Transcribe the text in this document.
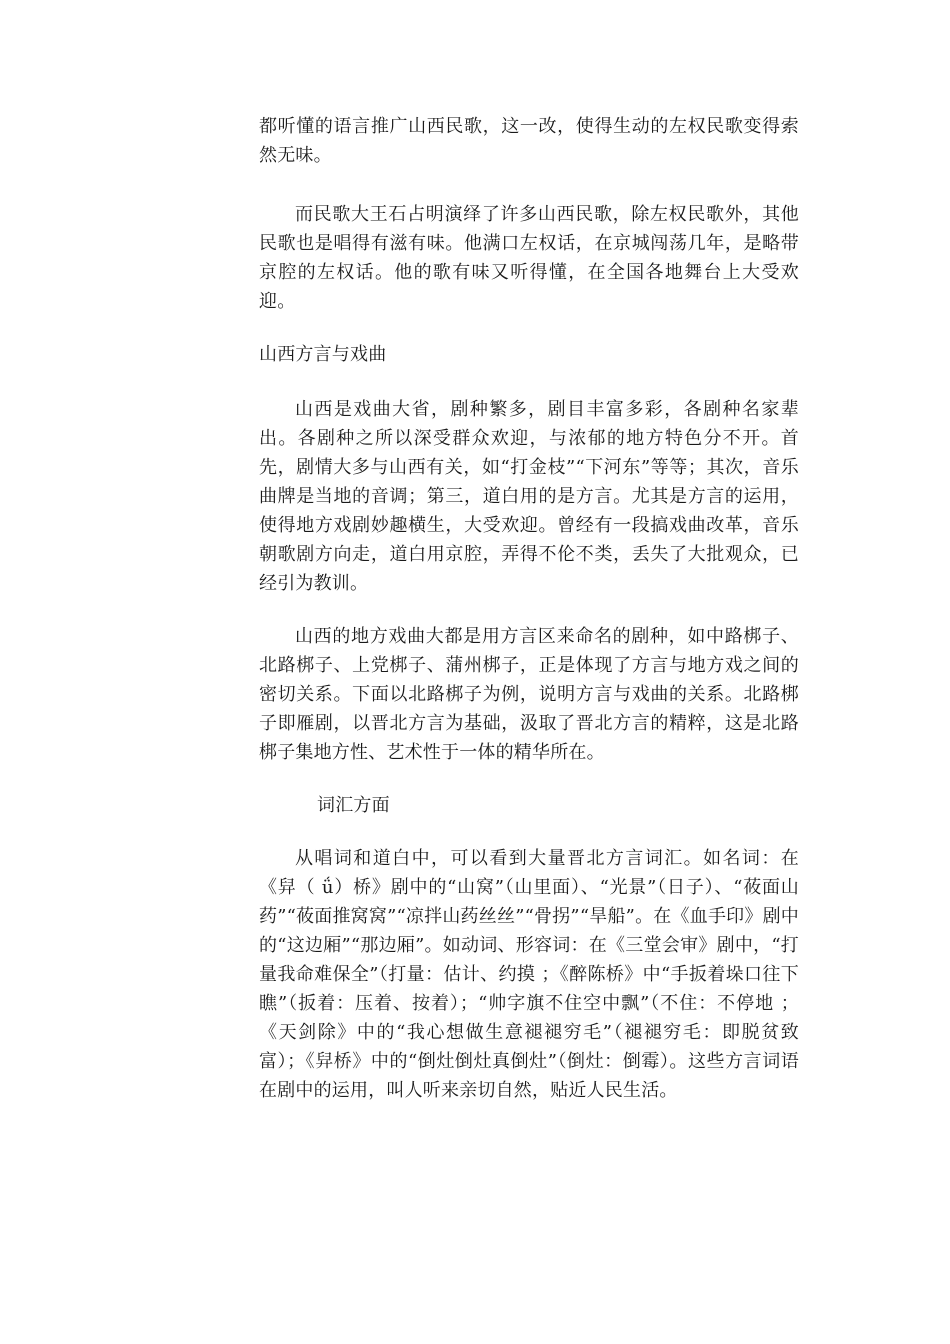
都听懂的语言推广山西民歌，这一改，使得生动的左权民歌变得索然无味。

而民歌大王石占明演绎了许多山西民歌，除左权民歌外，其他民歌也是唱得有滋有味。他满口左权话，在京城闯荡几年，是略带京腔的左权话。他的歌有味又听得懂，在全国各地舞台上大受欢迎。

山西方言与戏曲

山西是戏曲大省，剧种繁多，剧目丰富多彩，各剧种名家辈出。各剧种之所以深受群众欢迎，与浓郁的地方特色分不开。首先，剧情大多与山西有关，如“打金枝”“下河东”等等；其次，音乐曲牌是当地的音调；第三，道白用的是方言。尤其是方言的运用，使得地方戏剧妙趣横生，大受欢迎。曾经有一段搞戏曲改革，音乐朝歌剧方向走，道白用京腔，弄得不伦不类，丢失了大批观众，已经引为教训。

山西的地方戏曲大都是用方言区来命名的剧种，如中路梆子、北路梆子、上党梆子、蒲州梆子，正是体现了方言与地方戏之间的密切关系。下面以北路梆子为例，说明方言与戏曲的关系。北路梆子即雁剧，以晋北方言为基础，汲取了晋北方言的精粹，这是北路梆子集地方性、艺术性于一体的精华所在。

词汇方面

从唱词和道白中，可以看到大量晋北方言词汇。如名词：在《舁（ ǘ）桥》剧中的“山窝”（山里面）、“光景”（日子）、“莜面山药”“莜面推窝窝”“凉拌山药丝丝”“骨拐”“旱船”。在《血手印》剧中的“这边厢”“那边厢”。如动词、形容词：在《三堂会审》剧中，“打量我命难保全”（打量：估计、约摸 ；《醉陈桥》中“手扳着垛口往下瞧”（扳着：压着、按着）；“帅字旗不住空中飘”（不住：不停地 ；《天剑除》中的“我心想做生意褪褪穷毛”（褪褪穷毛：即脱贫致富）；《舁桥》中的“倒灶倒灶真倒灶”（倒灶：倒霉）。这些方言词语在剧中的运用，叫人听来亲切自然，贴近人民生活。
